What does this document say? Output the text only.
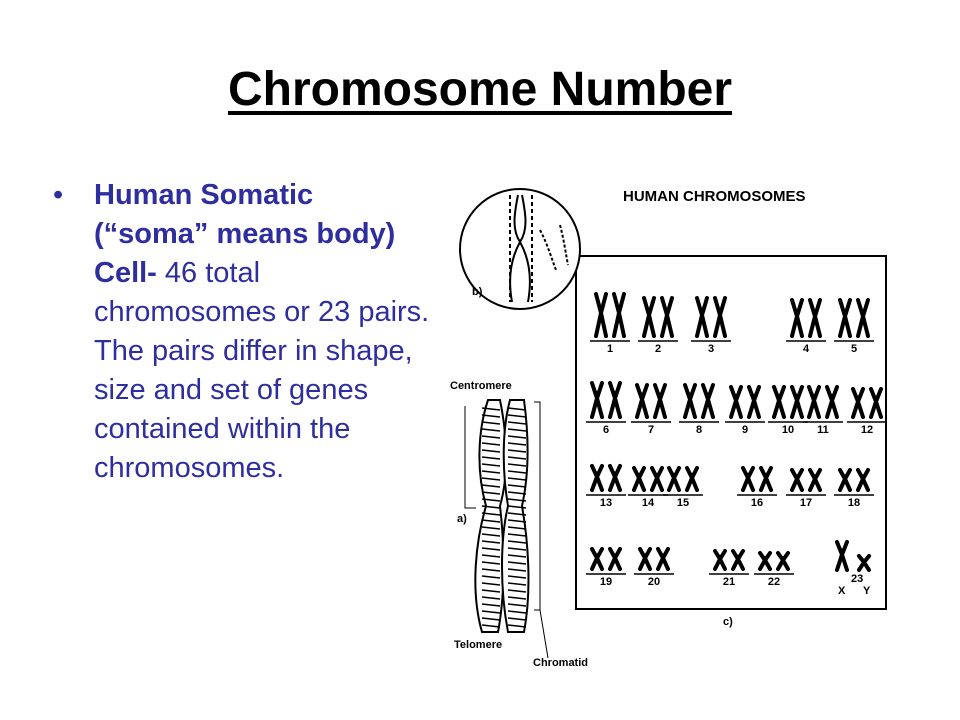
Chromosome Number
•	Human Somatic (“soma” means body) Cell- 46 total chromosomes or 23 pairs. The pairs differ in shape, size and set of genes contained within the chromosomes.
HUMAN CHROMOSOMES
c)
b)
Centromere
Telomere
Chromatid
a)
1	2	3	4	5
6	7	8	9	10 11	12
13	14 15	16	17	18
19	20	21	22	23
X Y
